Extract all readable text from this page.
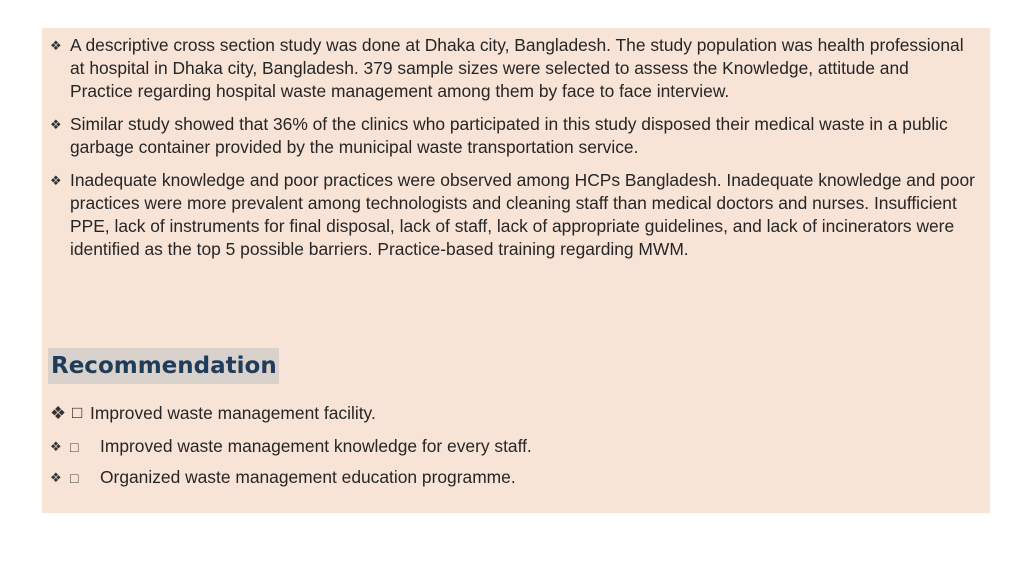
❖ A descriptive cross section study was done at Dhaka city, Bangladesh. The study population was health professional at hospital in Dhaka city, Bangladesh. 379 sample sizes were selected to assess the Knowledge, attitude and Practice regarding hospital waste management among them by face to face interview.
❖ Similar study showed that 36% of the clinics who participated in this study disposed their medical waste in a public garbage container provided by the municipal waste transportation service.
❖ Inadequate knowledge and poor practices were observed among HCPs Bangladesh. Inadequate knowledge and poor practices were more prevalent among technologists and cleaning staff than medical doctors and nurses. Insufficient PPE, lack of instruments for final disposal, lack of staff, lack of appropriate guidelines, and lack of incinerators were identified as the top 5 possible barriers. Practice-based training regarding MWM.
Recommendation
❖ □ Improved waste management facility.
❖ □	Improved waste management knowledge for every staff.
❖ □	Organized waste management education programme.
